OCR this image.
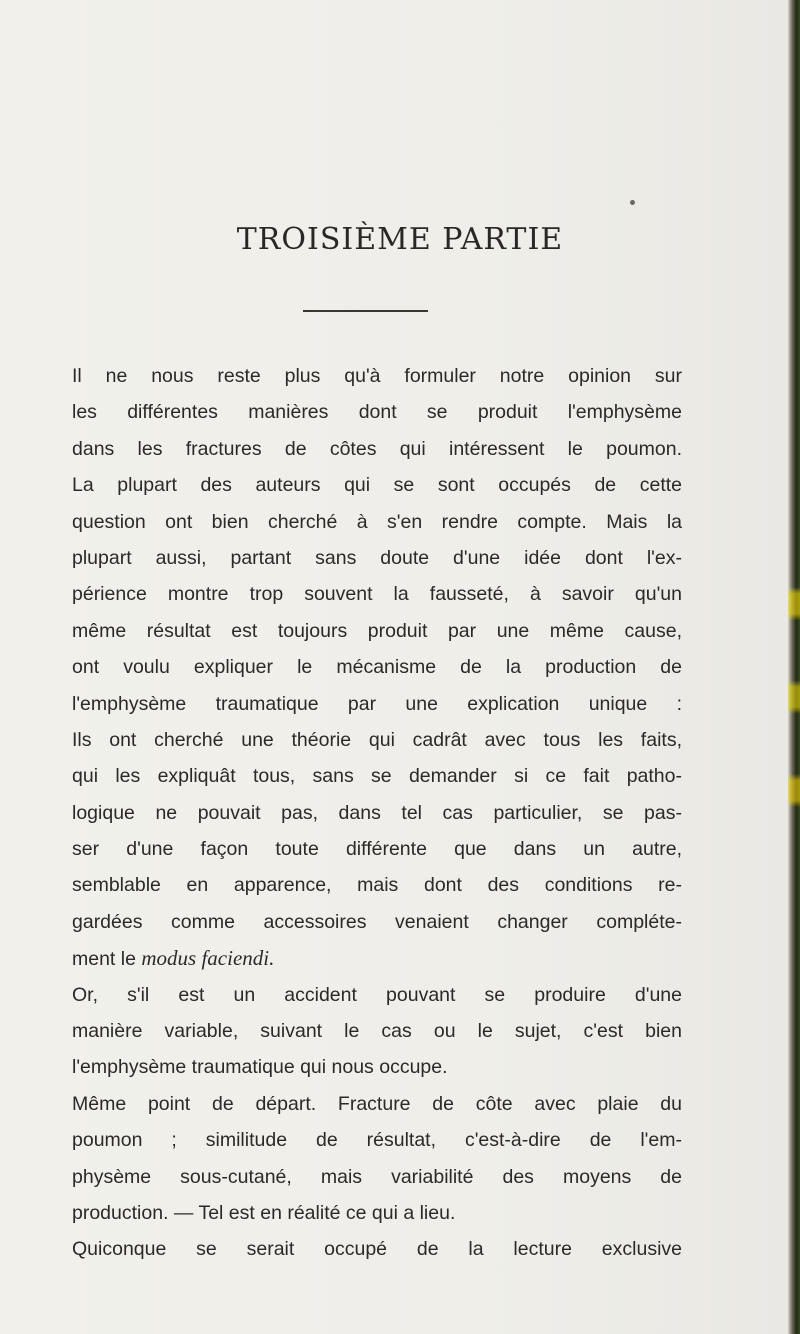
TROISIÈME PARTIE
Il ne nous reste plus qu'à formuler notre opinion sur
les différentes manières dont se produit l'emphysème
dans les fractures de côtes qui intéressent le poumon.
La plupart des auteurs qui se sont occupés de cette
question ont bien cherché à s'en rendre compte. Mais la
plupart aussi, partant sans doute d'une idée dont l'ex-
périence montre trop souvent la fausseté, à savoir qu'un
même résultat est toujours produit par une même cause,
ont voulu expliquer le mécanisme de la production de
l'emphysème traumatique par une explication unique :
Ils ont cherché une théorie qui cadrât avec tous les faits,
qui les expliquât tous, sans se demander si ce fait patho-
logique ne pouvait pas, dans tel cas particulier, se pas-
ser d'une façon toute différente que dans un autre,
semblable en apparence, mais dont des conditions re-
gardées comme accessoires venaient changer compléte-
ment le modus faciendi.
Or, s'il est un accident pouvant se produire d'une
manière variable, suivant le cas ou le sujet, c'est bien
l'emphysème traumatique qui nous occupe.
Même point de départ. Fracture de côte avec plaie du
poumon ; similitude de résultat, c'est-à-dire de l'em-
physème sous-cutané, mais variabilité des moyens de
production. — Tel est en réalité ce qui a lieu.
Quiconque se serait occupé de la lecture exclusive
